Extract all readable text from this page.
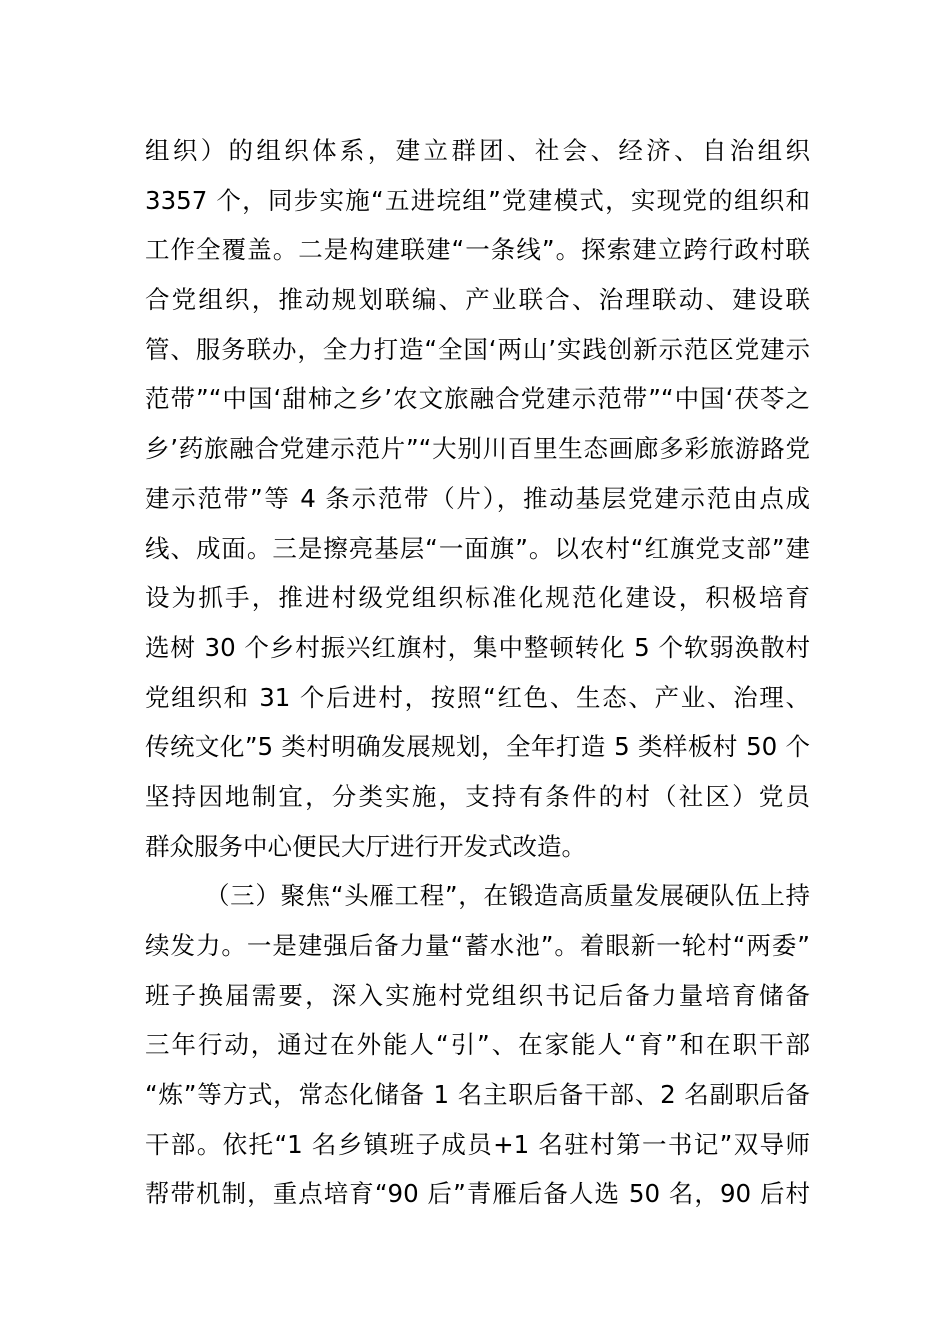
组织）的组织体系，建立群团、社会、经济、自治组织
3357 个，同步实施“五进垸组”党建模式，实现党的组织和
工作全覆盖。二是构建联建“一条线”。探索建立跨行政村联
合党组织，推动规划联编、产业联合、治理联动、建设联
管、服务联办，全力打造“全国‘两山’实践创新示范区党建示
范带”“中国‘甜柿之乡’农文旅融合党建示范带”“中国‘茯苓之
乡’药旅融合党建示范片”“大别川百里生态画廊多彩旅游路党
建示范带”等 4 条示范带（片），推动基层党建示范由点成
线、成面。三是擦亮基层“一面旗”。以农村“红旗党支部”建
设为抓手，推进村级党组织标准化规范化建设，积极培育
选树 30 个乡村振兴红旗村，集中整顿转化 5 个软弱涣散村
党组织和 31 个后进村，按照“红色、生态、产业、治理、
传统文化”5 类村明确发展规划，全年打造 5 类样板村 50 个
坚持因地制宜，分类实施，支持有条件的村（社区）党员
群众服务中心便民大厅进行开发式改造。
（三）聚焦“头雁工程”，在锻造高质量发展硬队伍上持
续发力。一是建强后备力量“蓄水池”。着眼新一轮村“两委”
班子换届需要，深入实施村党组织书记后备力量培育储备
三年行动，通过在外能人“引”、在家能人“育”和在职干部
“炼”等方式，常态化储备 1 名主职后备干部、2 名副职后备
干部。依托“1 名乡镇班子成员+1 名驻村第一书记”双导师
帮带机制，重点培育“90 后”青雁后备人选 50 名，90 后村
